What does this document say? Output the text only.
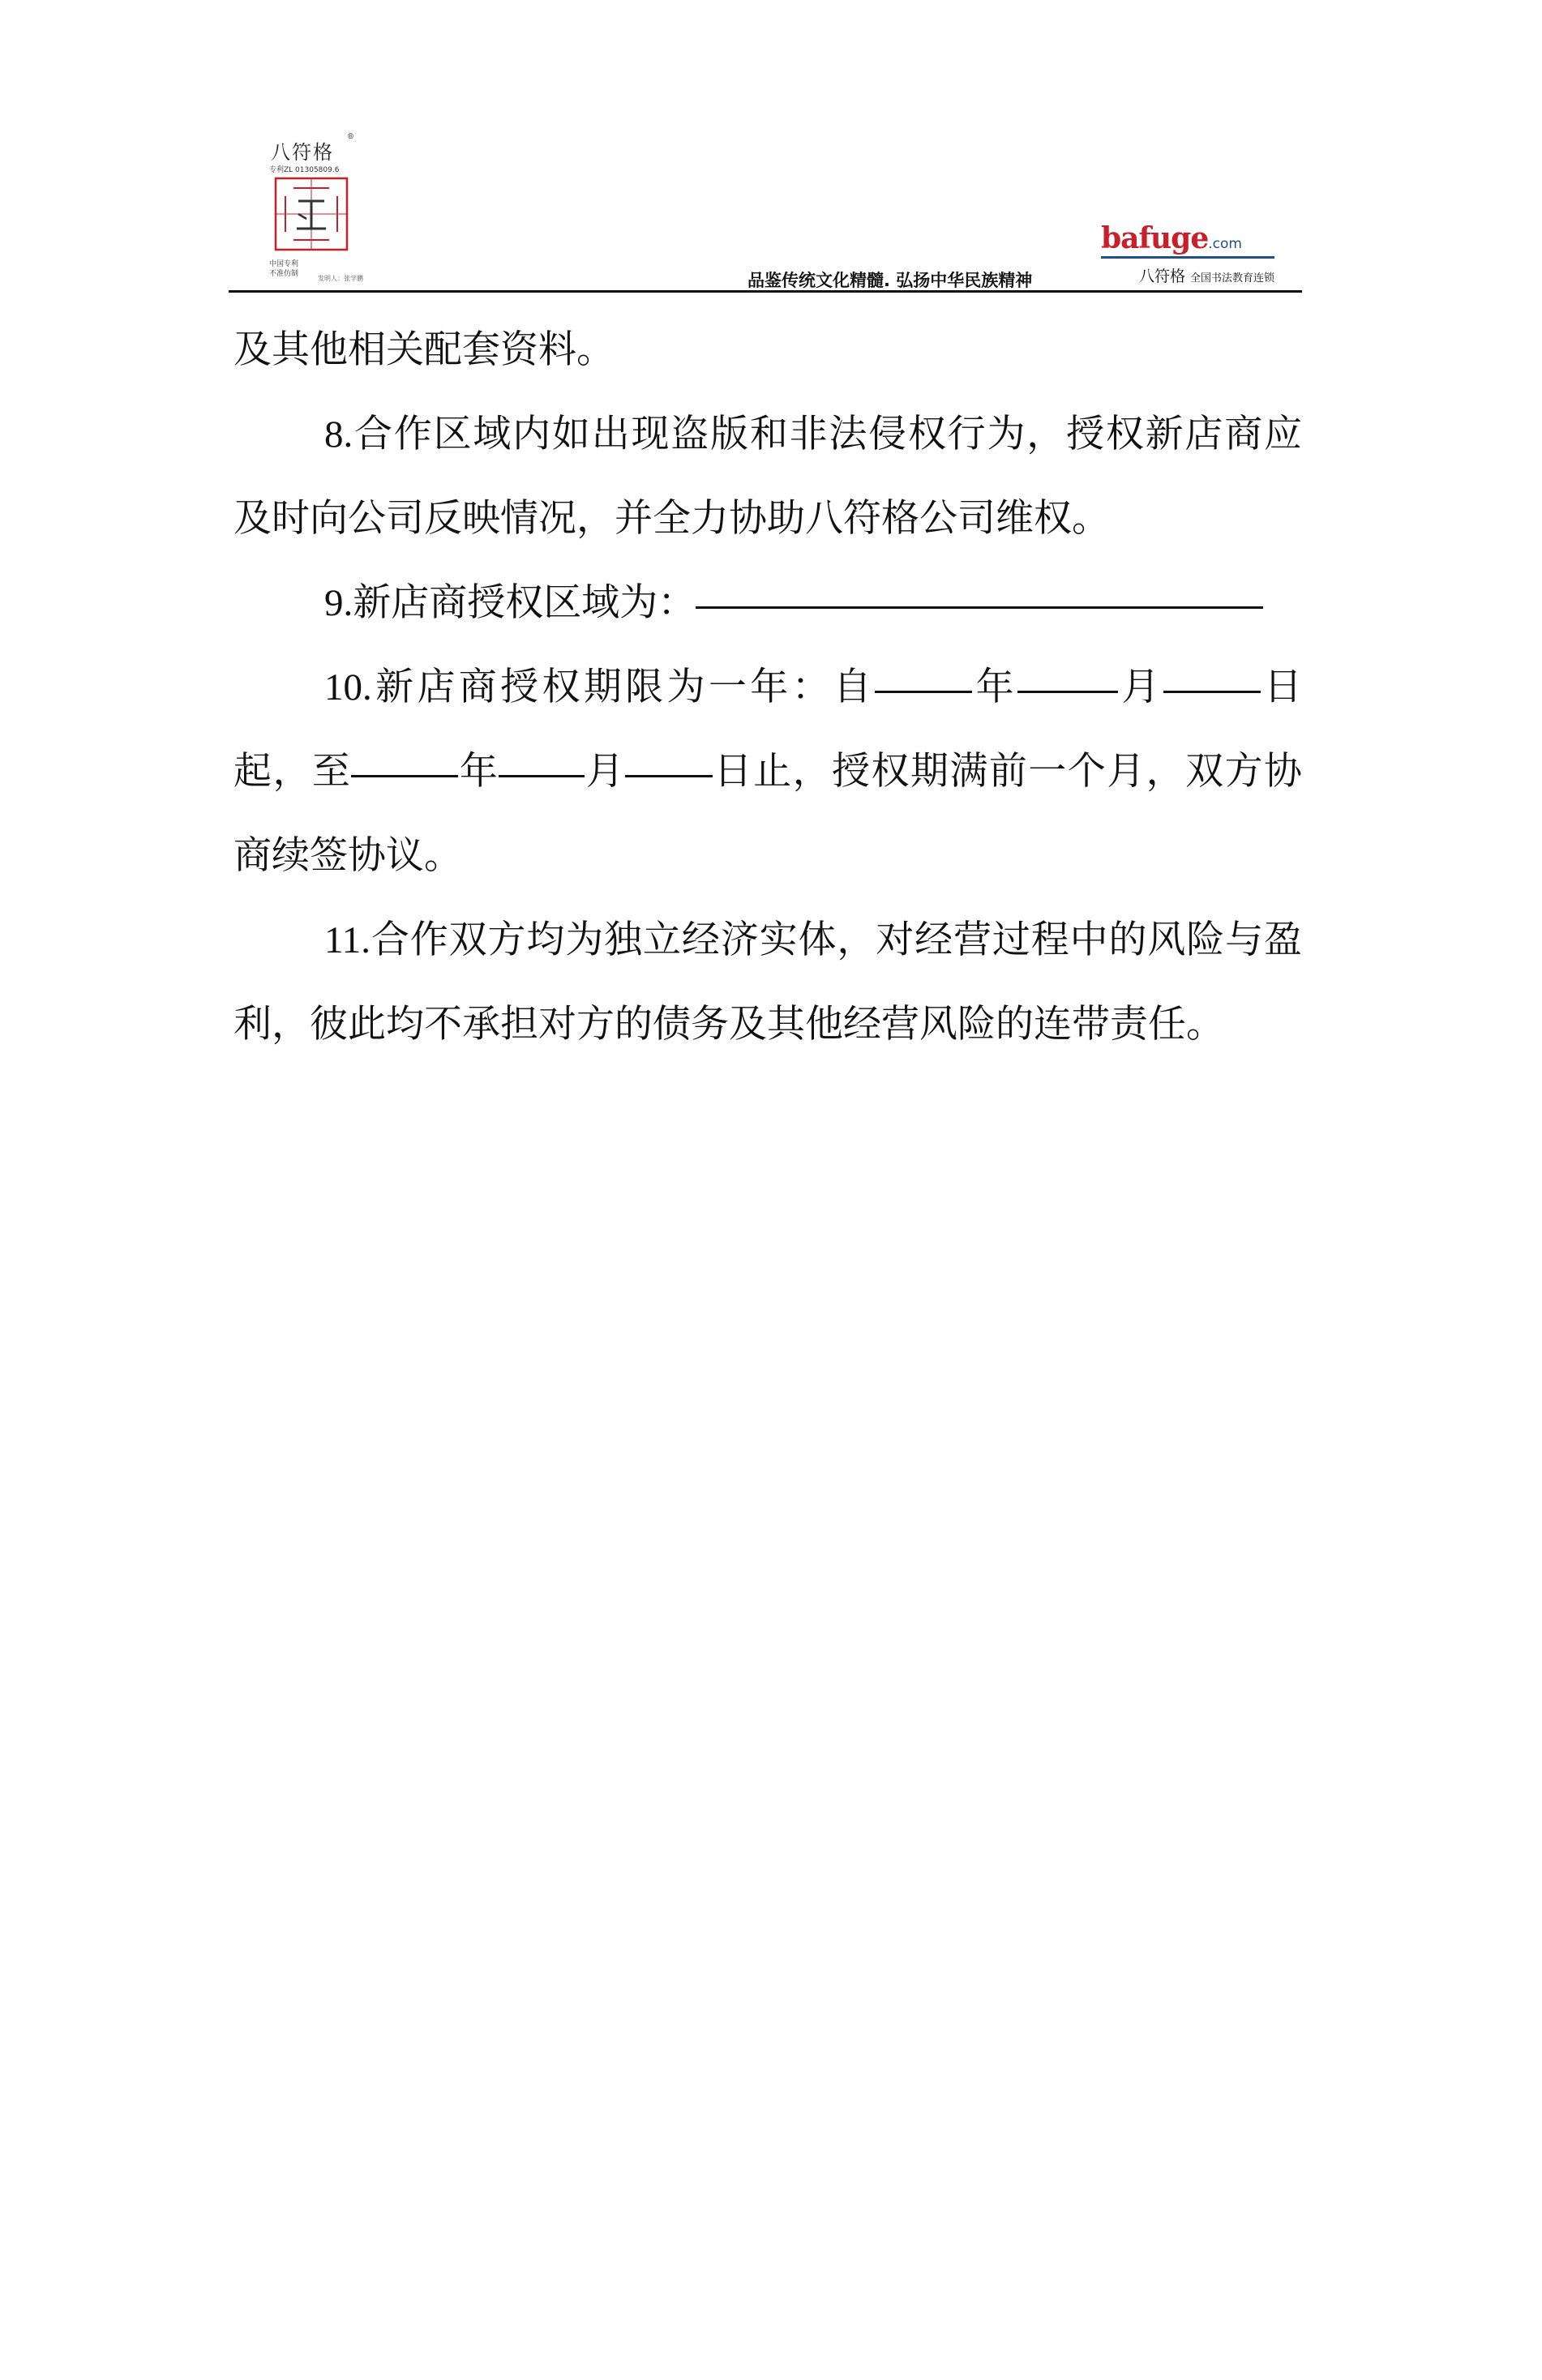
八符格
®
专利ZL 01305809.6
中国专利
不准仿制
发明人：张学鹏
bafuge.com
品鉴传统文化精髓. 弘扬中华民族精神	八符格 全国书法教育连锁

及其他相关配套资料。

8.合作区域内如出现盗版和非法侵权行为，授权新店商应及时向公司反映情况，并全力协助八符格公司维权。

9.新店商授权区域为：

10.新店商授权期限为一年：自	年	月	日起，至	年 月 日止，授权期满前一个月，双方协商续签协议。

11.合作双方均为独立经济实体，对经营过程中的风险与盈利，彼此均不承担对方的债务及其他经营风险的连带责任。
